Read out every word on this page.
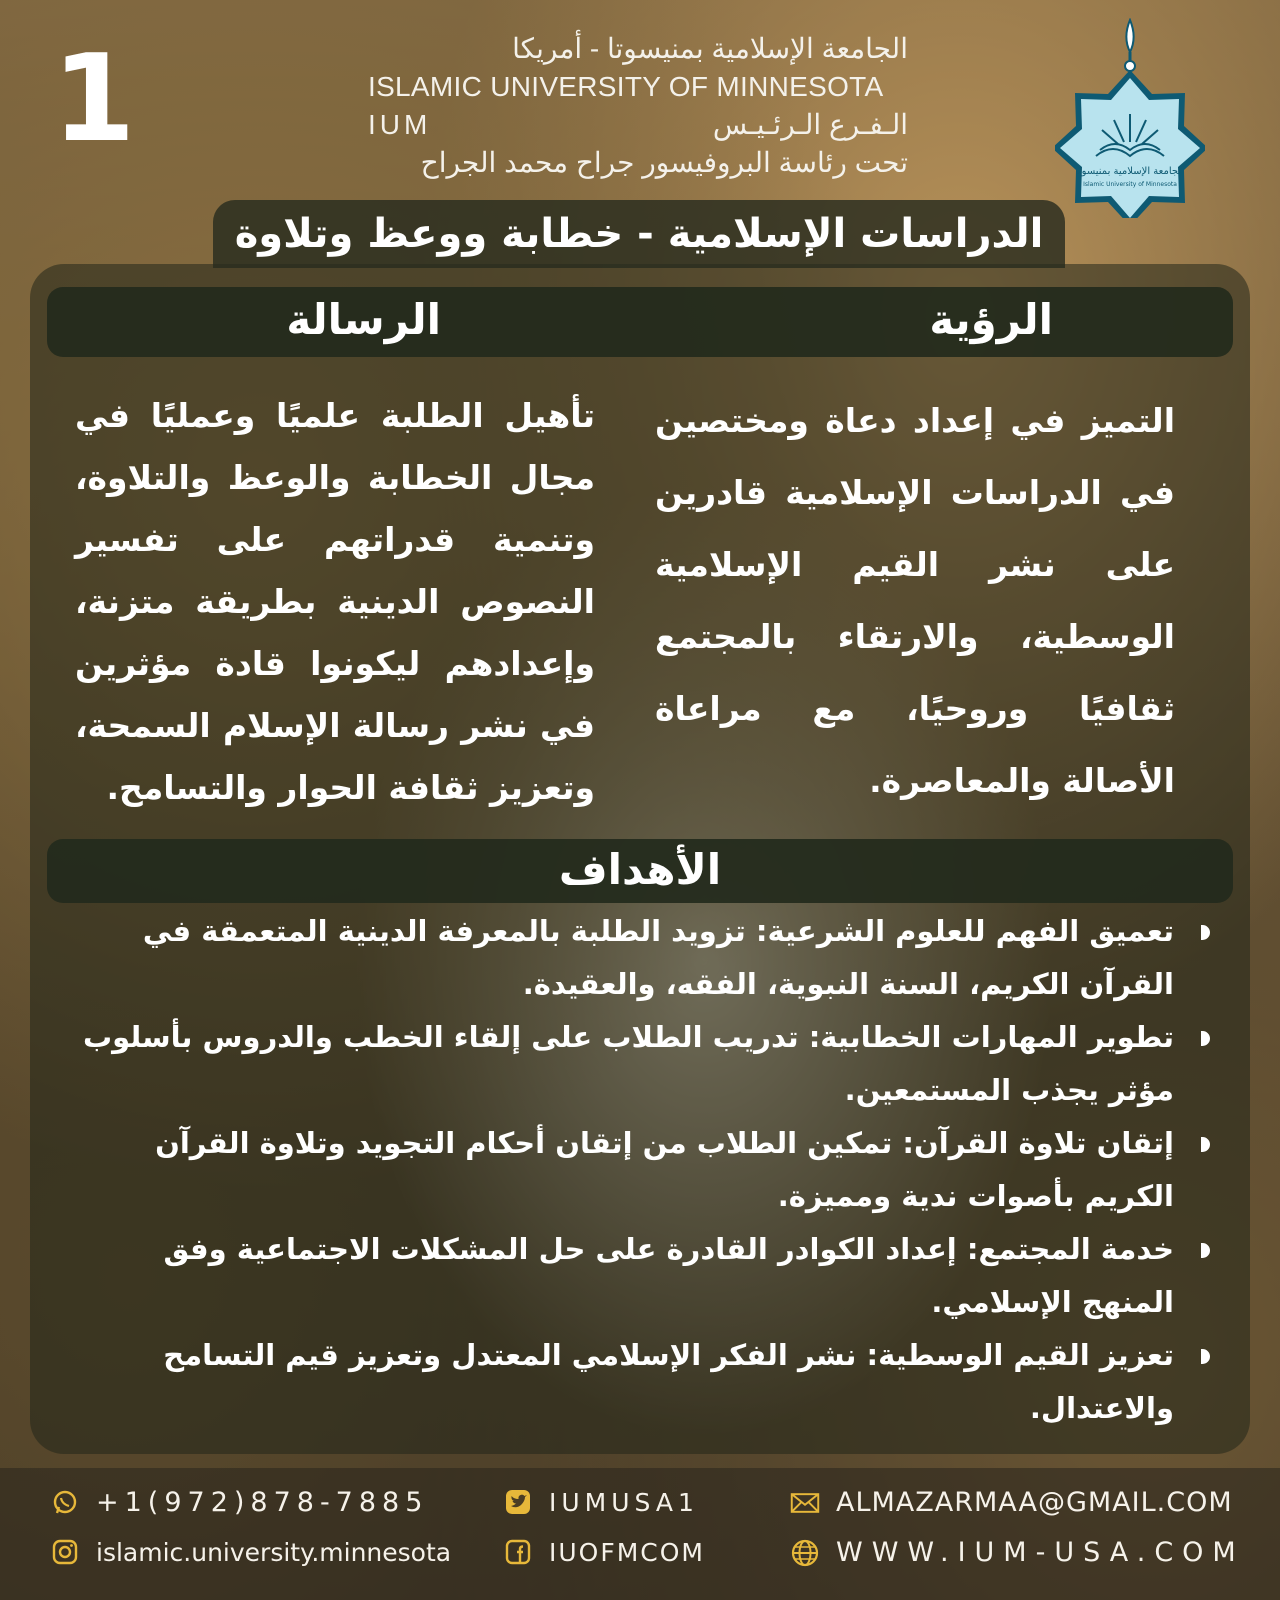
1	الجامعة الإسلامية بمنيسوتا - أمريكا
ISLAMIC UNIVERSITY OF MINNESOTA
IUM	الـفـرع الـرئـيـس
تحت رئاسة البروفيسور جراح محمد الجراح	الجامعة الإسلامية بمنيسوتا
Islamic University of Minnesota
الدراسات الإسلامية - خطابة ووعظ وتلاوة
الرؤية
الرسالة
التميز في إعداد دعاة ومختصين في الدراسات الإسلامية قادرين على نشر القيم الإسلامية الوسطية، والارتقاء بالمجتمع ثقافيًا وروحيًا، مع مراعاة الأصالة والمعاصرة.
تأهيل الطلبة علميًا وعمليًا في مجال الخطابة والوعظ والتلاوة، وتنمية قدراتهم على تفسير النصوص الدينية بطريقة متزنة، وإعدادهم ليكونوا قادة مؤثرين في نشر رسالة الإسلام السمحة، وتعزيز ثقافة الحوار والتسامح.
الأهداف
تعميق الفهم للعلوم الشرعية: تزويد الطلبة بالمعرفة الدينية المتعمقة في القرآن الكريم، السنة النبوية، الفقه، والعقيدة.
تطوير المهارات الخطابية: تدريب الطلاب على إلقاء الخطب والدروس بأسلوب مؤثر يجذب المستمعين.
إتقان تلاوة القرآن: تمكين الطلاب من إتقان أحكام التجويد وتلاوة القرآن الكريم بأصوات ندية ومميزة.
خدمة المجتمع: إعداد الكوادر القادرة على حل المشكلات الاجتماعية وفق المنهج الإسلامي.
تعزيز القيم الوسطية: نشر الفكر الإسلامي المعتدل وتعزيز قيم التسامح والاعتدال.
+1(972)878-7885
islamic.university.minnesota
IUMUSA1
IUOFMCOM
ALMAZARMAA@GMAIL.COM
WWW.IUM-USA.COM
